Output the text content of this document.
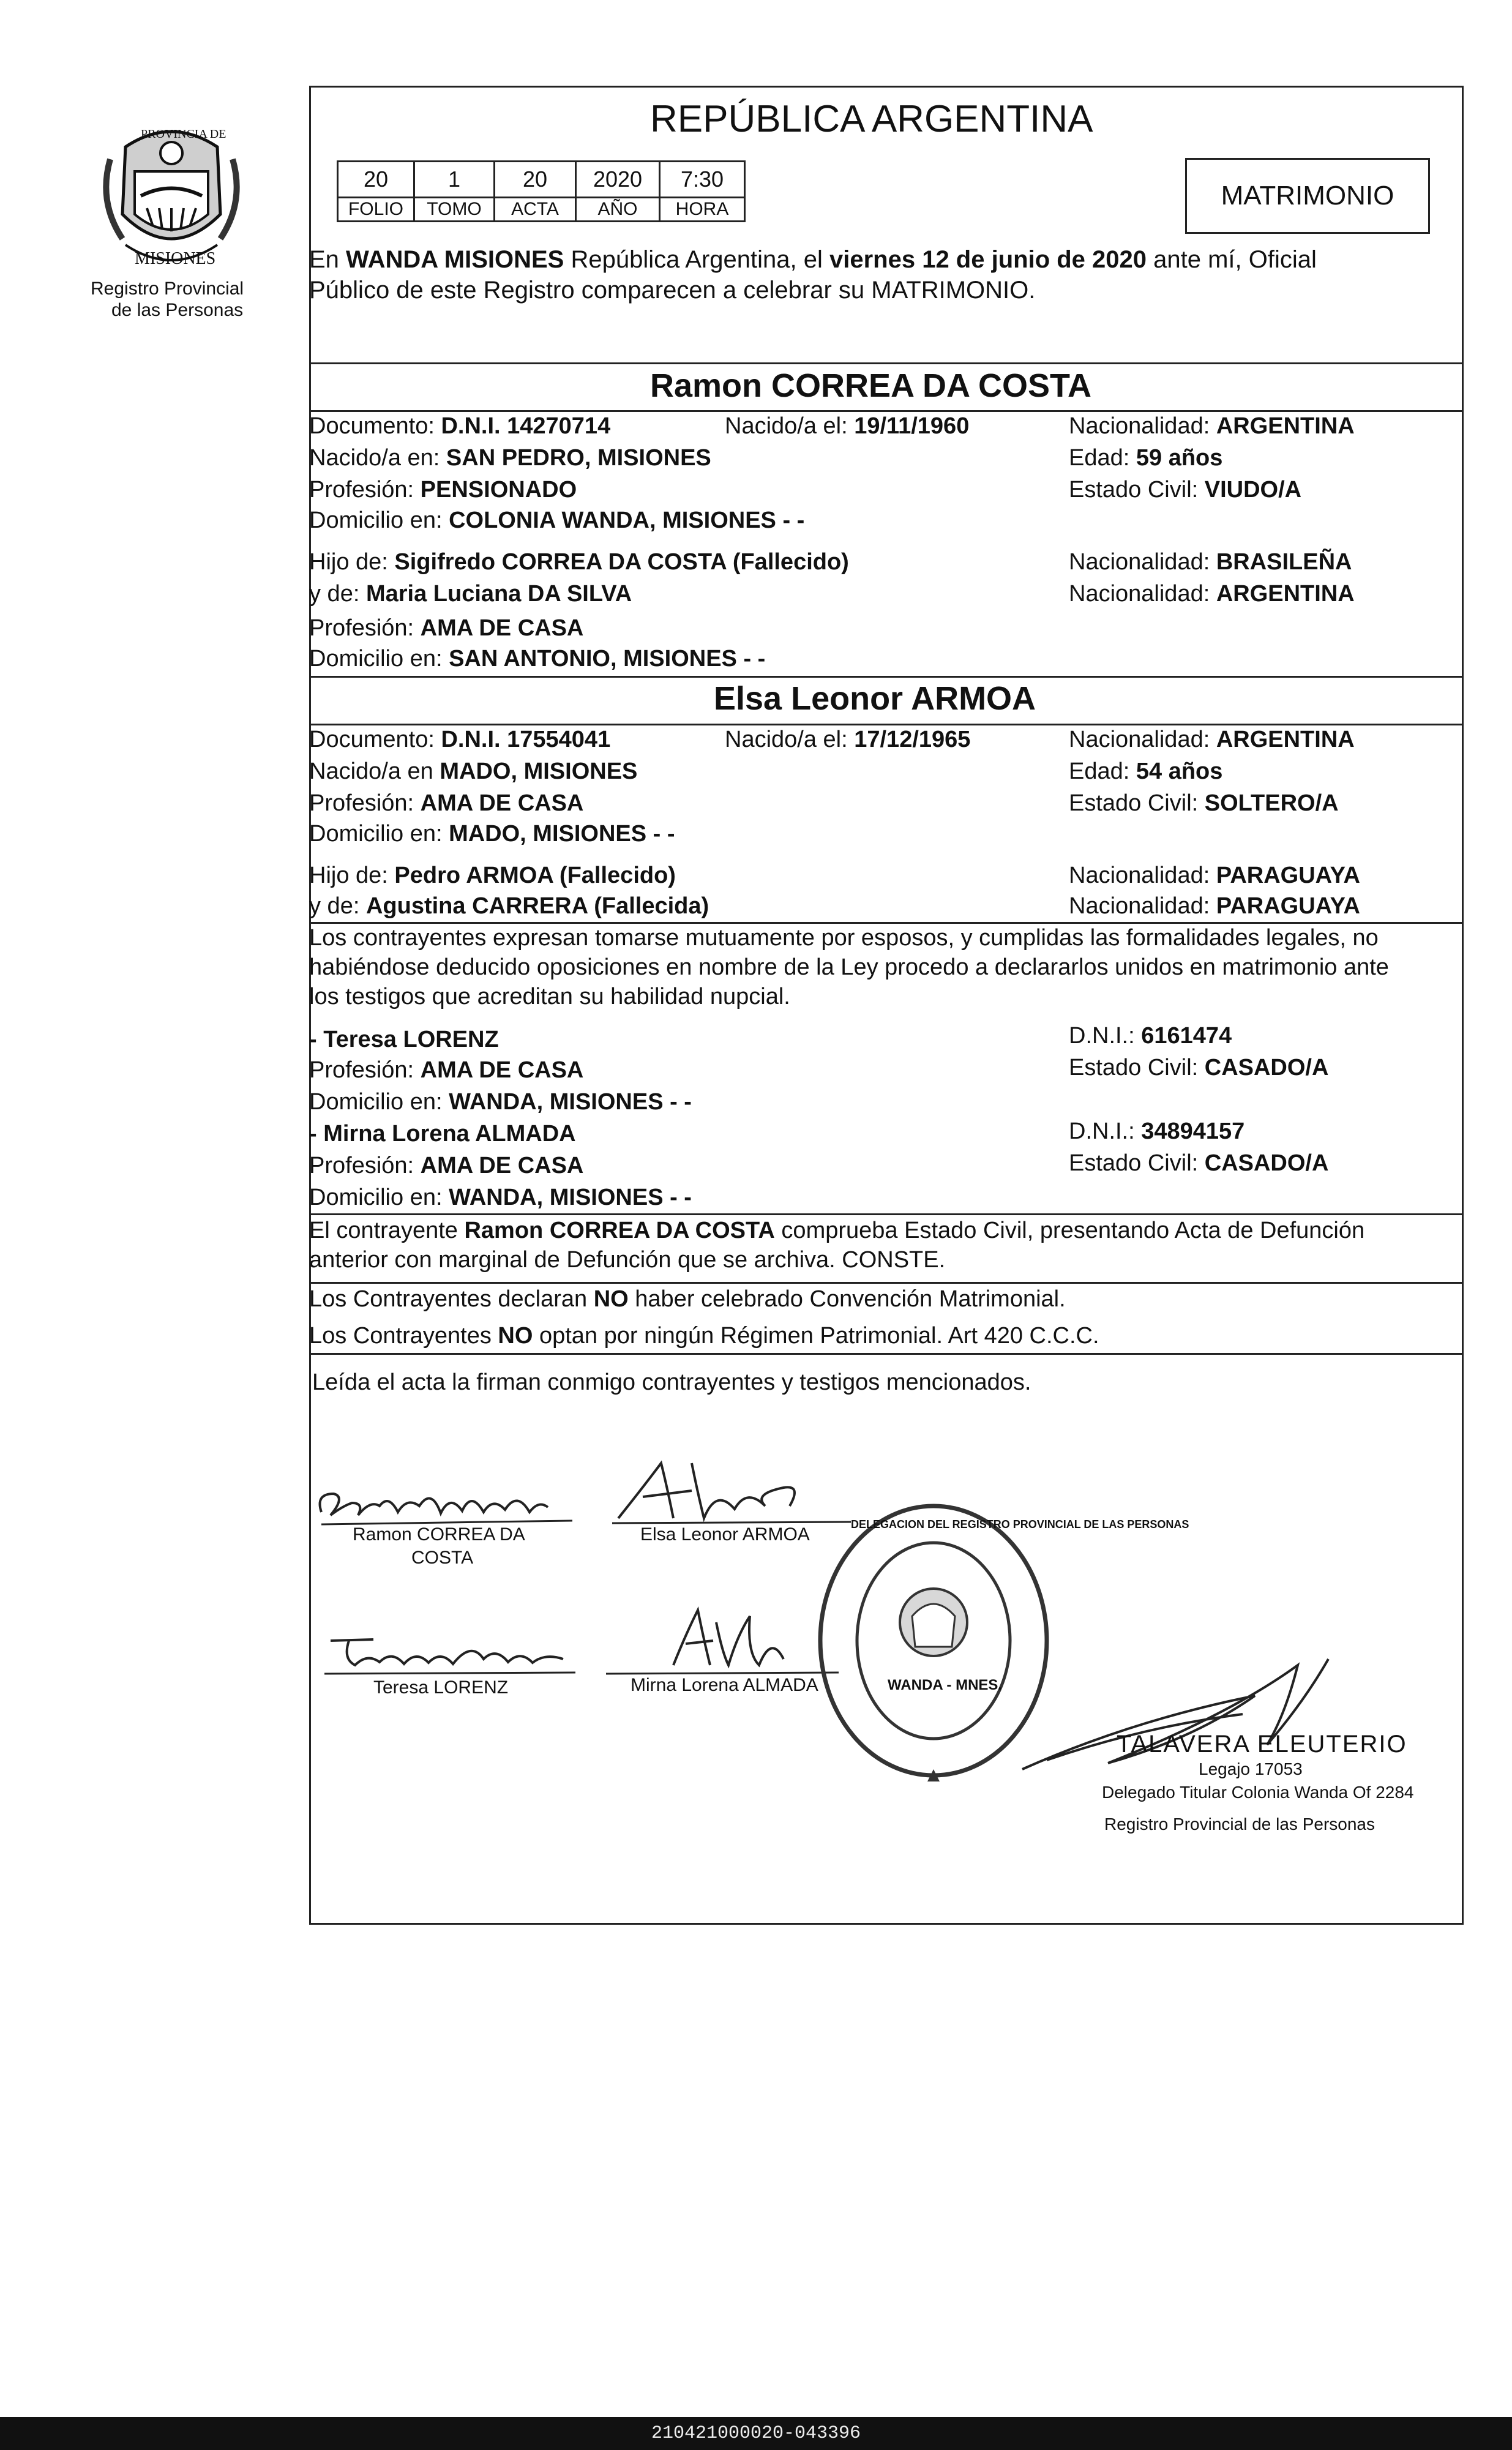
PROVINCIA DE
MISIONES
Registro Provincial
de las Personas
REPÚBLICA ARGENTINA
20	1	20	2020	7:30
FOLIO	TOMO	ACTA	AÑO	HORA	MATRIMONIO
En WANDA MISIONES República Argentina, el viernes 12 de junio de 2020 ante mí, Oficial
Público de este Registro comparecen a celebrar su MATRIMONIO.
Ramon CORREA DA COSTA
Documento: D.N.I. 14270714	Nacido/a el: 19/11/1960	Nacionalidad: ARGENTINA
Nacido/a en: SAN PEDRO, MISIONES	Edad: 59 años
Profesión: PENSIONADO	Estado Civil: VIUDO/A
Domicilio en: COLONIA WANDA, MISIONES - -
Hijo de: Sigifredo CORREA DA COSTA (Fallecido)	Nacionalidad: BRASILEÑA
y de: Maria Luciana DA SILVA	Nacionalidad: ARGENTINA
Profesión: AMA DE CASA
Domicilio en: SAN ANTONIO, MISIONES - -
Elsa Leonor ARMOA
Documento: D.N.I. 17554041	Nacido/a el: 17/12/1965	Nacionalidad: ARGENTINA
Nacido/a en MADO, MISIONES	Edad: 54 años
Profesión: AMA DE CASA	Estado Civil: SOLTERO/A
Domicilio en: MADO, MISIONES - -
Hijo de: Pedro ARMOA (Fallecido)	Nacionalidad: PARAGUAYA
y de: Agustina CARRERA (Fallecida)	Nacionalidad: PARAGUAYA
Los contrayentes expresan tomarse mutuamente por esposos, y cumplidas las formalidades legales, no
habiéndose deducido oposiciones en nombre de la Ley procedo a declararlos unidos en matrimonio ante
los testigos que acreditan su habilidad nupcial.
- Teresa LORENZ	D.N.I.: 6161474
Profesión: AMA DE CASA	Estado Civil: CASADO/A
Domicilio en: WANDA, MISIONES - -
- Mirna Lorena ALMADA	D.N.I.: 34894157
Profesión: AMA DE CASA	Estado Civil: CASADO/A
Domicilio en: WANDA, MISIONES - -
El contrayente Ramon CORREA DA COSTA comprueba Estado Civil, presentando Acta de Defunción
anterior con marginal de Defunción que se archiva. CONSTE.
Los Contrayentes declaran NO haber celebrado Convención Matrimonial.
Los Contrayentes NO optan por ningún Régimen Patrimonial. Art 420 C.C.C.
Leída el acta la firman conmigo contrayentes y testigos mencionados.
Ramon CORREA DA
COSTA
Elsa Leonor ARMOA
Teresa LORENZ	Mirna Lorena ALMADA
DELEGACION DEL REGISTRO PROVINCIAL DE LAS PERSONAS
WANDA - MNES.
TALAVERA ELEUTERIO
Legajo 17053
Delegado Titular Colonia Wanda Of 2284
Registro Provincial de las Personas
210421000020-043396
